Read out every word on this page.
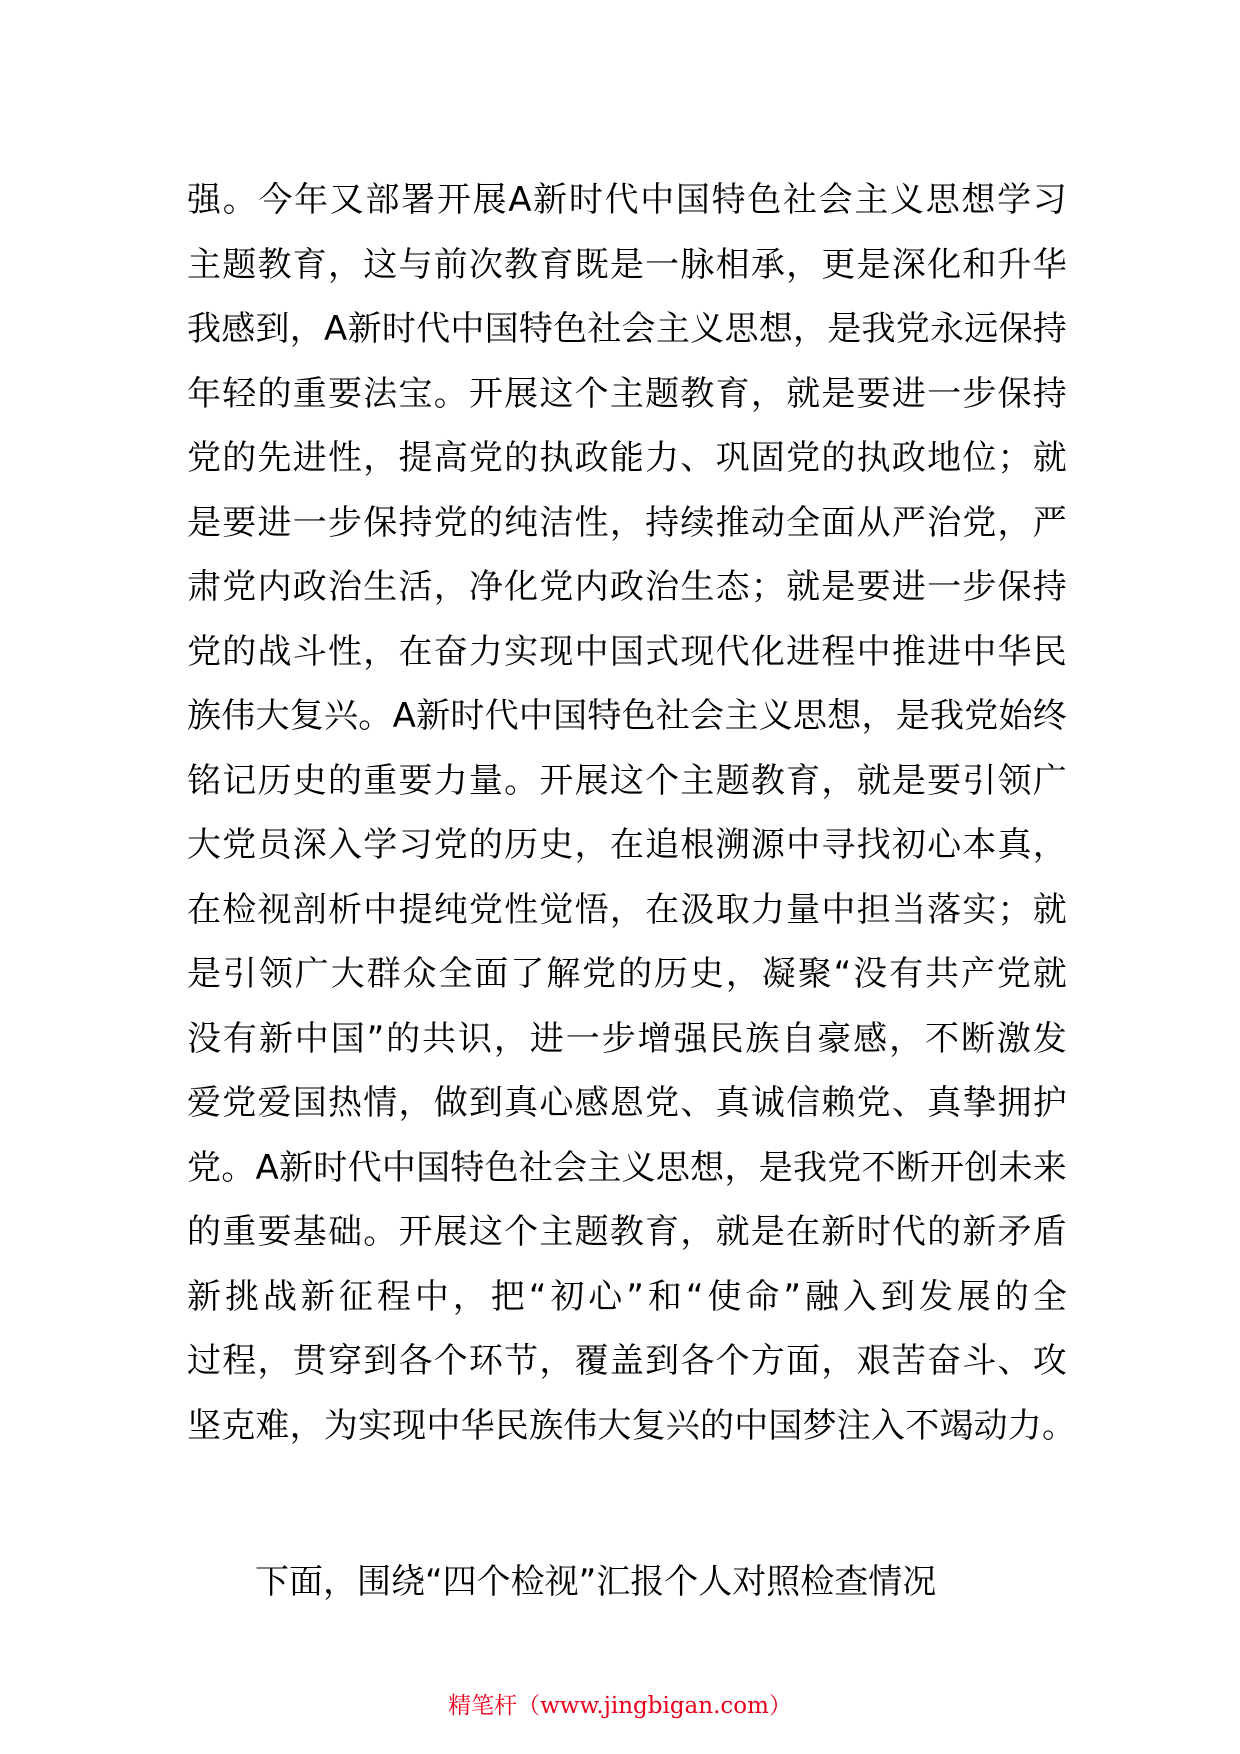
强。今年又部署开展A新时代中国特色社会主义思想学习
主题教育，这与前次教育既是一脉相承，更是深化和升华
我感到，A新时代中国特色社会主义思想，是我党永远保持
年轻的重要法宝。开展这个主题教育，就是要进一步保持
党的先进性，提高党的执政能力、巩固党的执政地位；就
是要进一步保持党的纯洁性，持续推动全面从严治党，严
肃党内政治生活，净化党内政治生态；就是要进一步保持
党的战斗性，在奋力实现中国式现代化进程中推进中华民
族伟大复兴。A新时代中国特色社会主义思想，是我党始终
铭记历史的重要力量。开展这个主题教育，就是要引领广
大党员深入学习党的历史，在追根溯源中寻找初心本真，
在检视剖析中提纯党性觉悟，在汲取力量中担当落实；就
是引领广大群众全面了解党的历史，凝聚“没有共产党就
没有新中国”的共识，进一步增强民族自豪感，不断激发
爱党爱国热情，做到真心感恩党、真诚信赖党、真挚拥护
党。A新时代中国特色社会主义思想，是我党不断开创未来
的重要基础。开展这个主题教育，就是在新时代的新矛盾
新挑战新征程中，把“初心”和“使命”融入到发展的全
过程，贯穿到各个环节，覆盖到各个方面，艰苦奋斗、攻
坚克难，为实现中华民族伟大复兴的中国梦注入不竭动力。
下面，围绕“四个检视”汇报个人对照检查情况
精笔杆（www.jingbigan.com）
